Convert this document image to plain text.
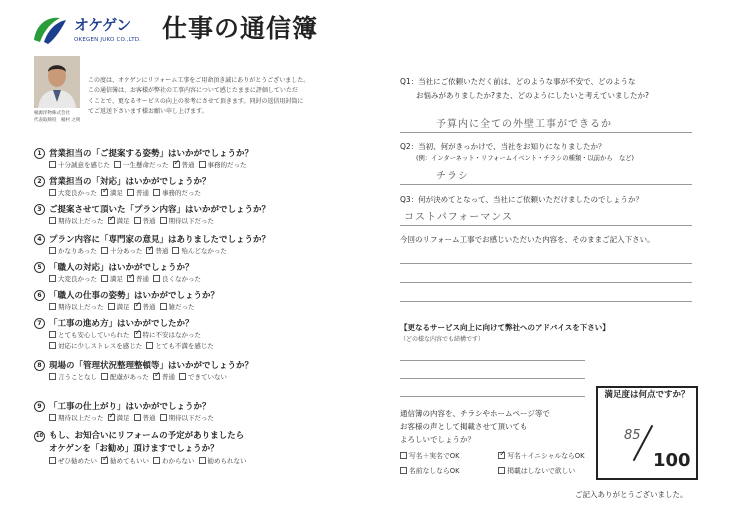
オケゲン
OKEGEN JUKO CO.,LTD. 仕事の通信簿
桶源洋物株式会社
代表取締役　桶村 之則
この度は、オケゲンにリフォーム工事をご用命頂き誠にありがとうございました。
この通信簿は、お客様が弊社の工事内容について感じたままに評価していただ
くことで、更なるサービスの向上の参考にさせて頂きます。同封の返信用封筒に
てご返送下さいます様お願い申し上げます。
1 営業担当の「ご提案する姿勢」はいかがでしょうか？
十分誠意を感じた 一生懸命だった ✓ 普通 事務的だった
2 営業担当の「対応」はいかがでしょうか？
大変良かった ✓ 満足 普通 事務的だった
3 ご提案させて頂いた「プラン内容」はいかがでしょうか？
期待以上だった ✓ 満足 普通 期待以下だった
4 プラン内容に「専門家の意見」はありましたでしょうか？
かなりあった 十分あった ✓ 普通 殆んどなかった
5 「職人の対応」はいかがでしょうか？
大変良かった 満足 ✓ 普通 良くなかった
6 「職人の仕事の姿勢」はいかがでしょうか？
期待以上だった 満足 ✓ 普通 雑だった
7 「工事の進め方」はいかがでしたか？
とても安心していられた ✓ 特に不安はなかった
対応に少しストレスを感じた とても不満を感じた
8 現場の「管理状況整理整頓等」はいかがでしょうか？
言うことなし 配慮があった ✓ 普通 できていない
9 「工事の仕上がり」はいかがでしょうか？
期待以上だった ✓ 満足 普通 期待以下だった
10 もし、お知合いにリフォームの予定がありましたら
オケゲンを「お勧め」頂けますでしょうか？
ぜひ勧めたい ✓ 勧めてもいい わからない 勧められない
Q1：当社にご依頼いただく前は、どのような事が不安で、どのような
お悩みがありましたか?また、どのようにしたいと考えていましたか?
予算内に全ての外壁工事ができるか
Q2：当初、何がきっかけで、当社をお知りになりましたか？
(例：インターネット・リフォームイベント・チラシの種類・以前から　など)
チラシ
Q3：何が決めてとなって、当社にご依頼いただけましたのでしょうか？
コストパフォーマンス
今回のリフォーム工事でお感じいただいた内容を、そのままご記入下さい。
【更なるサービス向上に向けて弊社へのアドバイスを下さい】
（どの様な内容でも結構です）
満足度は何点ですか？
85
100
通信簿の内容を、チラシやホームページ等で
お客様の声として掲載させて頂いても
よろしいでしょうか？
写名＋実名でOK ✓	写名＋イニシャルならOK
名前なしならOK	掲載はしないで欲しい
ご記入ありがとうございました。
